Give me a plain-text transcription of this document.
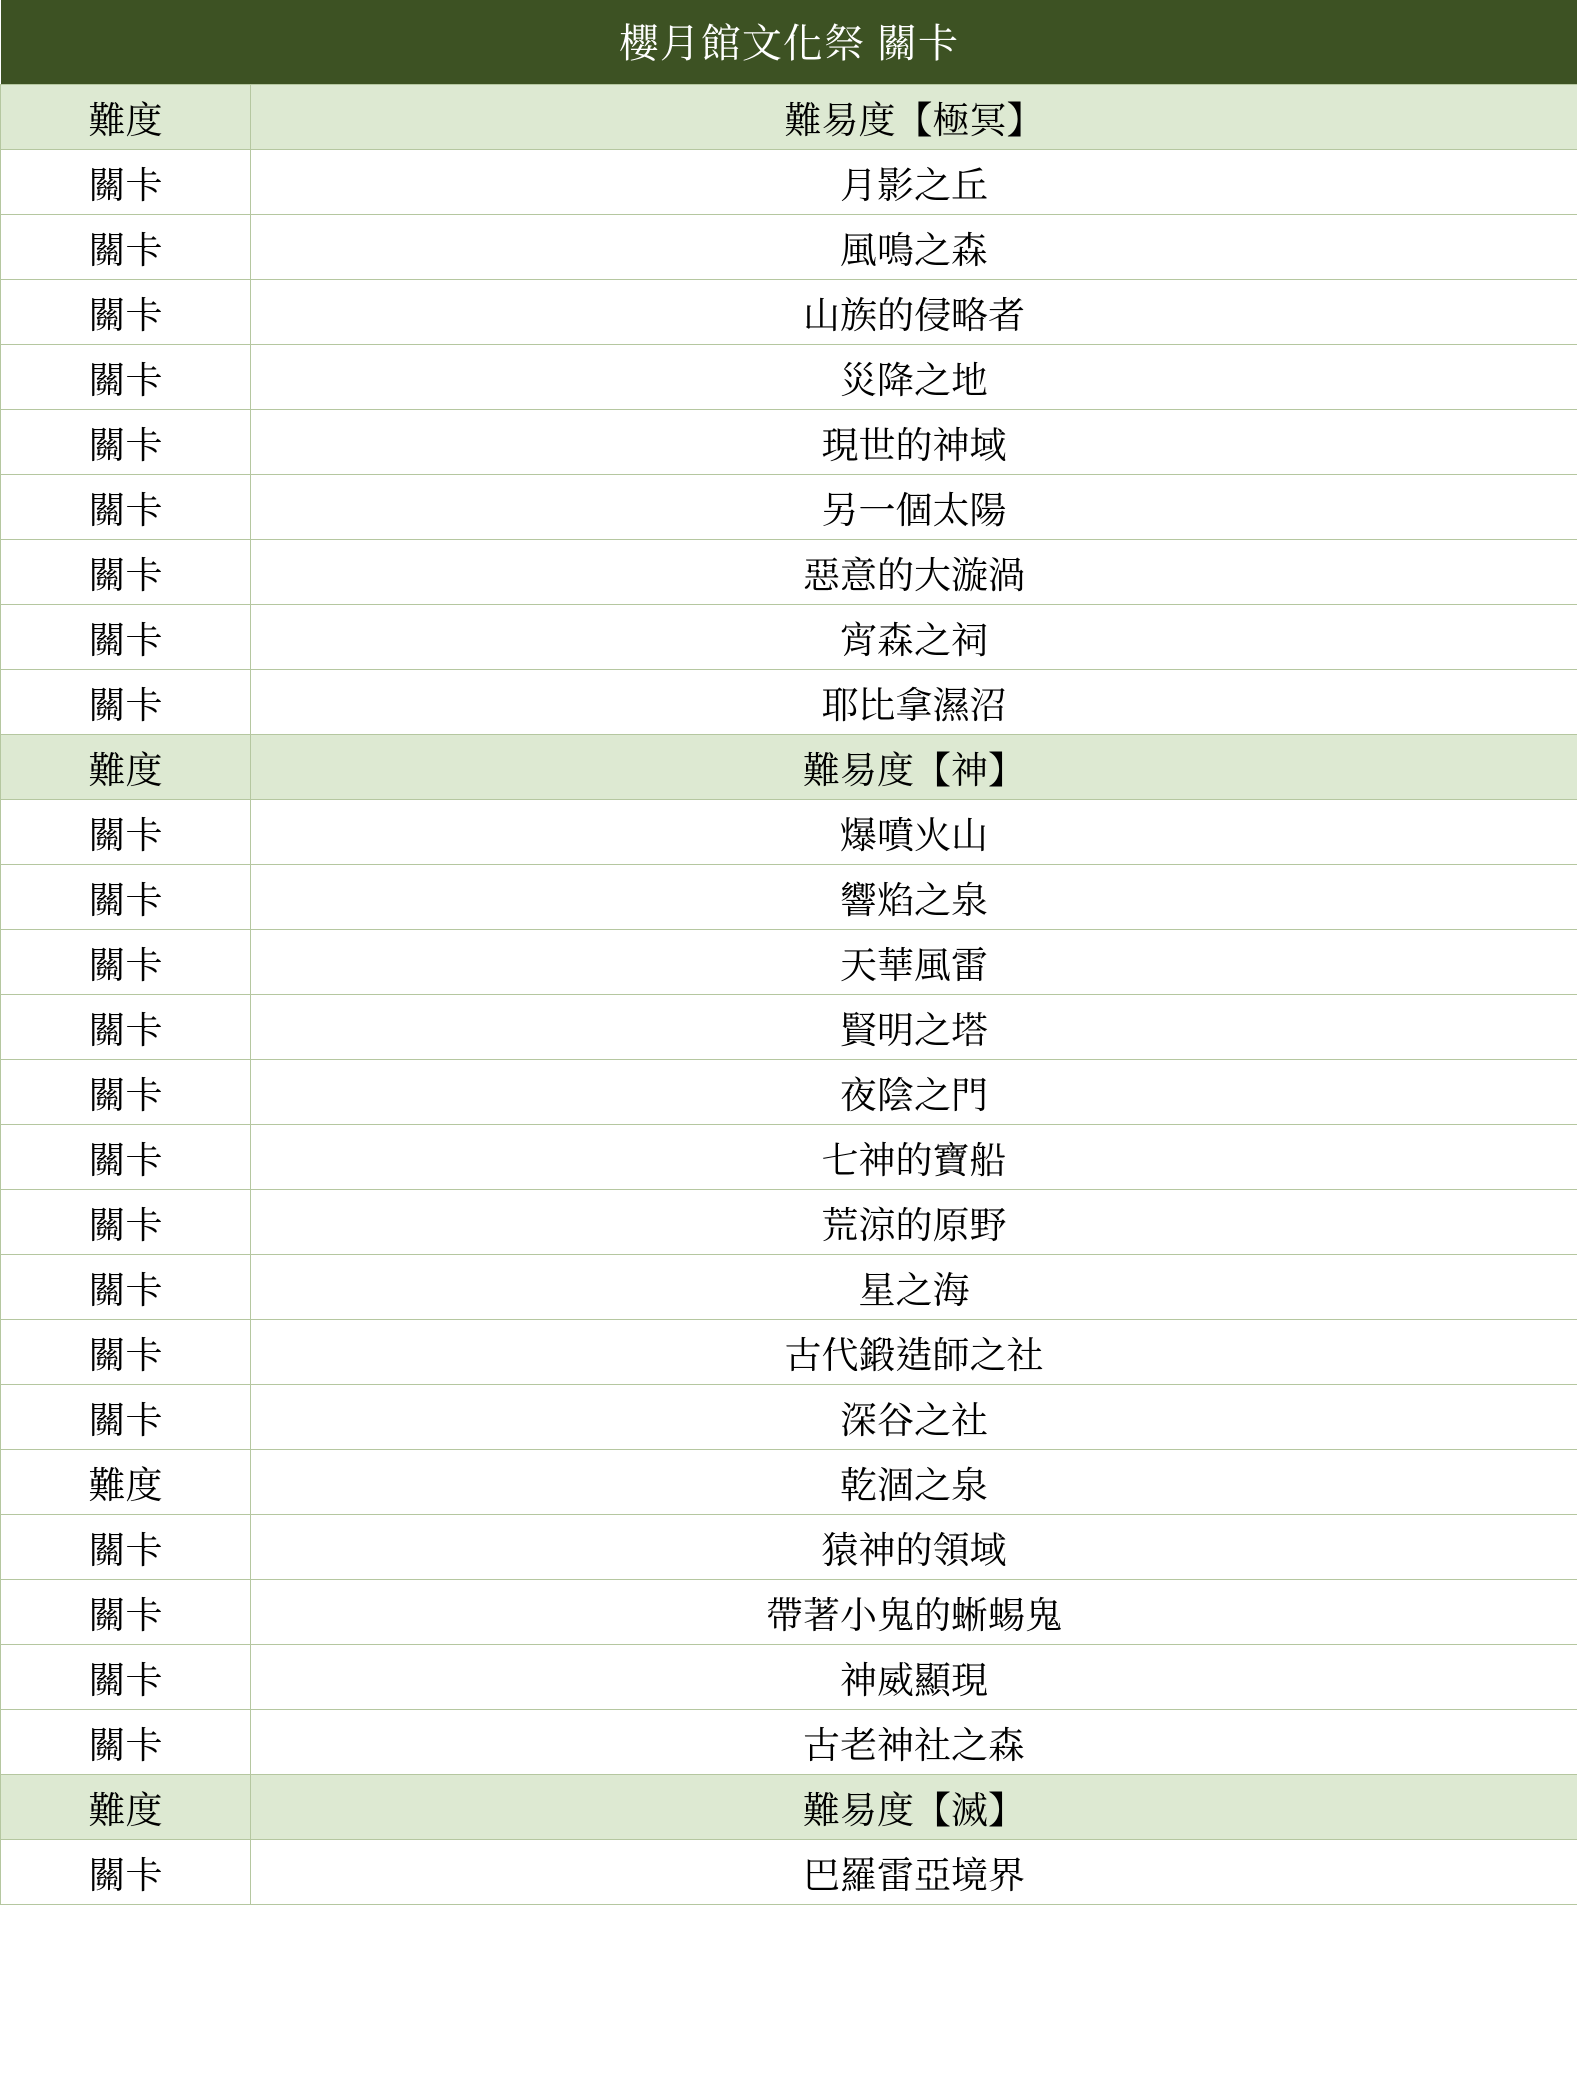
櫻月館文化祭 關卡	
難度	難易度【極冥】
關卡	月影之丘
關卡	風鳴之森
關卡	山族的侵略者
關卡	災降之地
關卡	現世的神域
關卡	另一個太陽
關卡	惡意的大漩渦
關卡	宵森之祠
關卡	耶比拿濕沼
難度	難易度【神】
關卡	爆噴火山
關卡	響焰之泉
關卡	天華風雷
關卡	賢明之塔
關卡	夜陰之門
關卡	七神的寶船
關卡	荒涼的原野
關卡	星之海
關卡	古代鍛造師之社
關卡	深谷之社
難度	乾涸之泉
關卡	猿神的領域
關卡	帶著小鬼的蜥蜴鬼
關卡	神威顯現
關卡	古老神社之森
難度	難易度【滅】
關卡	巴羅雷亞境界
